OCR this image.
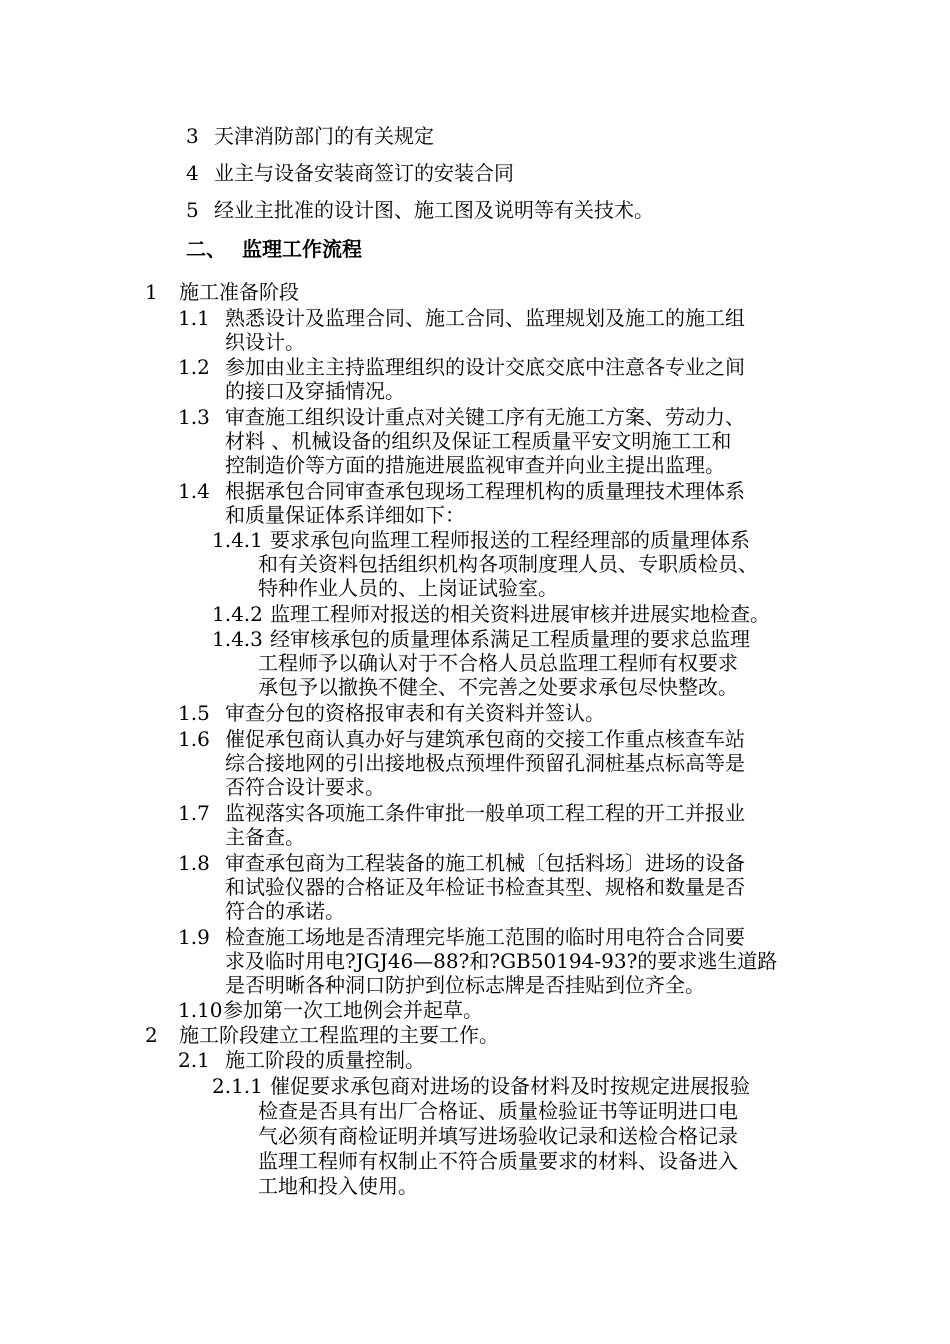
3 天津消防部门的有关规定
4 业主与设备安装商签订的安装合同
5 经业主批准的设计图、施工图及说明等有关技术。
二、 监理工作流程
1 施工准备阶段
1.1 熟悉设计及监理合同、施工合同、监理规划及施工的施工组
织设计。
1.2 参加由业主主持监理组织的设计交底交底中注意各专业之间
的接口及穿插情况。
1.3 审查施工组织设计重点对关键工序有无施工方案、劳动力、
材料 、机械设备的组织及保证工程质量平安文明施工工和
控制造价等方面的措施进展监视审查并向业主提出监理。
1.4 根据承包合同审查承包现场工程理机构的质量理技术理体系
和质量保证体系详细如下：
1.4.1 要求承包向监理工程师报送的工程经理部的质量理体系
和有关资料包括组织机构各项制度理人员、专职质检员、
特种作业人员的、上岗证试验室。
1.4.2 监理工程师对报送的相关资料进展审核并进展实地检查。
1.4.3 经审核承包的质量理体系满足工程质量理的要求总监理
工程师予以确认对于不合格人员总监理工程师有权要求
承包予以撤换不健全、不完善之处要求承包尽快整改。
1.5 审查分包的资格报审表和有关资料并签认。
1.6 催促承包商认真办好与建筑承包商的交接工作重点核查车站
综合接地网的引出接地极点预埋件预留孔洞桩基点标高等是
否符合设计要求。
1.7 监视落实各项施工条件审批一般单项工程工程的开工并报业
主备查。
1.8 审查承包商为工程装备的施工机械〔包括料场〕进场的设备
和试验仪器的合格证及年检证书检查其型、规格和数量是否
符合的承诺。
1.9 检查施工场地是否清理完毕施工范围的临时用电符合合同要
求及临时用电?JGJ46—88?和?GB50194-93?的要求逃生道路
是否明晰各种洞口防护到位标志牌是否挂贴到位齐全。
1.10 参加第一次工地例会并起草。
2 施工阶段建立工程监理的主要工作。
2.1 施工阶段的质量控制。
2.1.1 催促要求承包商对进场的设备材料及时按规定进展报验
检查是否具有出厂合格证、质量检验证书等证明进口电
气必须有商检证明并填写进场验收记录和送检合格记录
监理工程师有权制止不符合质量要求的材料、设备进入
工地和投入使用。
